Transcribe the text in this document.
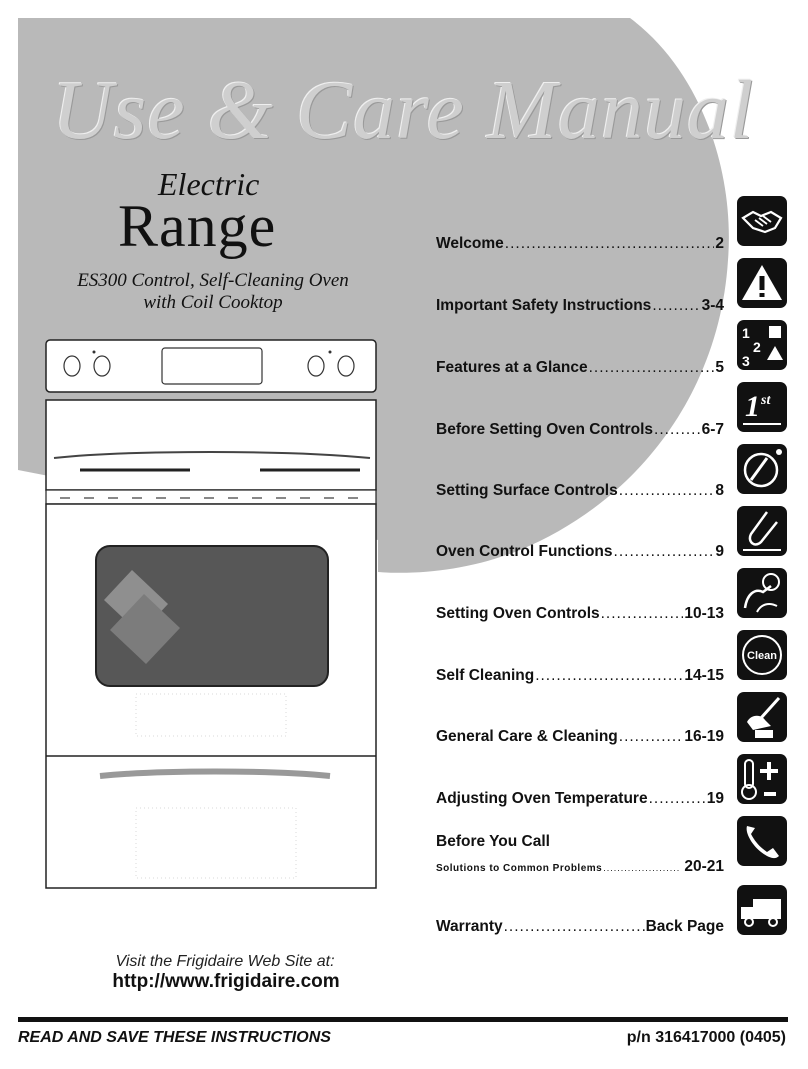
Use & Care Manual
Electric
Range
ES300 Control, Self-Cleaning Oven
with Coil Cooktop
Welcome .....	2
Important Safety Instructions .....	3-4
Features at a Glance .....	5
Before Setting Oven Controls .....	6-7
Setting Surface Controls .....	8
Oven Control Functions .....	9
Setting Oven Controls .....	10-13
Self Cleaning .....	14-15
General Care & Cleaning .....	16-19
Adjusting Oven Temperature .....	19
Before You Call
Solutions to Common Problems .....	20-21
Warranty .....	Back Page
1
2
3
1 st
Clean
Visit the Frigidaire Web Site at:
http://www.frigidaire.com
READ AND SAVE THESE INSTRUCTIONS	p/n 316417000 (0405)
